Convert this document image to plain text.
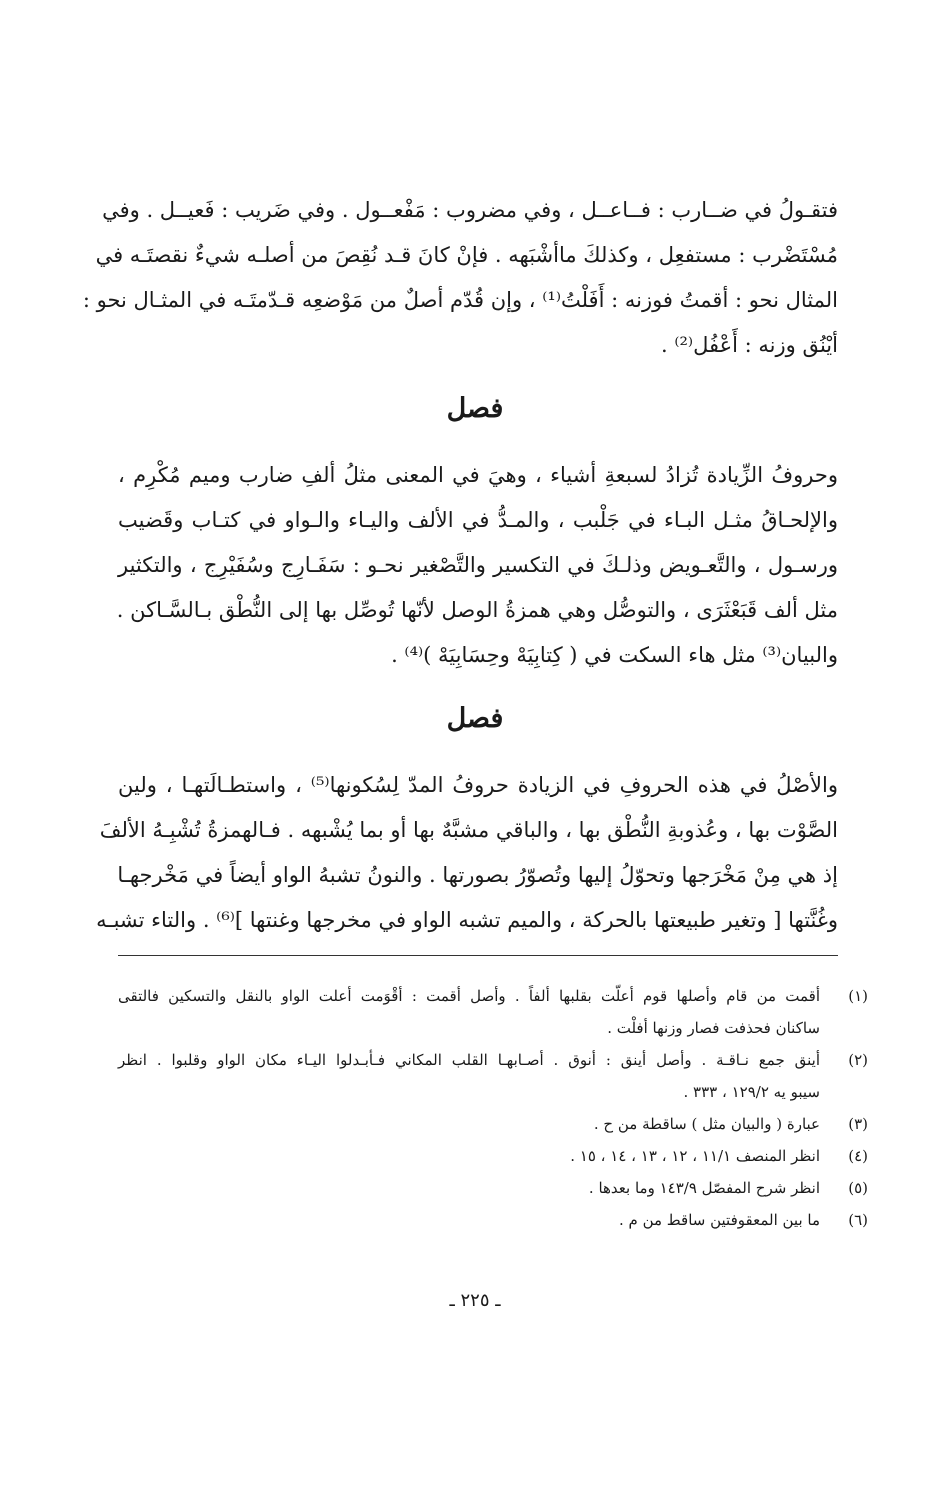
فتقـولُ في ضــارب : فــاعــل ، وفي مضروب : مَفْعــول . وفي ضَريب : فَعيــل . وفي
مُسْتَضْرب : مستفعِل ، وكذلكَ ماأشْبَهه . فإنْ كانَ قـد نُقِصَ من أصلـه شيءٌ نقصتَـه في
المثال نحو : أقمتُ فوزنه : أَفَلْتُ⁽¹⁾ ، وإن قُدّم أصلٌ من مَوْضعِه قـدّمتَـه في المثـال نحو :
أيْنُق وزنه : أَعْفُل⁽²⁾ .
فصل
وحروفُ الزِّيادة تُزادُ لسبعةِ أشياء ، وهيَ في المعنى مثلُ ألفِ ضارب وميم مُكْرِم ،
والإلحـاقُ مثـل البـاء في جَلْبب ، والمـدُّ في الألف واليـاء والـواو في كتـاب وقَضيب
ورسـول ، والتَّعـويض وذلـكَ في التكسير والتَّصْغير نحـو : سَفَـارِج وسُفَيْرِج ، والتكثير
مثل ألف قَبَعْثَرَى ، والتوصُّل وهي همزةُ الوصل لأنّها تُوصِّل بها إلى النُّطْق بـالسَّـاكن .
والبيان⁽³⁾ مثل هاء السكت في ( كِتابِيَهْ وحِسَابِيَهْ )⁽⁴⁾ .
فصل
والأصْلُ في هذه الحروفِ في الزيادة حروفُ المدّ لِسُكونها⁽⁵⁾ ، واستطـالَتهـا ، ولين
الصَّوْت بها ، وعُذوبةِ النُّطْق بها ، والباقي مشبَّهٌ بها أو بما يُشْبهه . فـالهمزةُ تُشْبِـهُ الألفَ
إذ هي مِنْ مَخْرَجها وتحوّلُ إليها وتُصوّرُ بصورتها . والنونُ تشبهُ الواو أيضاً في مَخْرجهـا
وغُنَّتها [ وتغير طبيعتها بالحركة ، والميم تشبه الواو في مخرجها وغنتها ]⁽⁶⁾ . والتاء تشبـه
(١)
أقمت من قام وأصلها قوم أعلّت بقلبها ألفاً . وأصل أقمت : أقْوَمت أعلت الواو بالنقل والتسكين فالتقى
ساكنان فحذفت فصار وزنها أفلْت .
(٢)
أينق جمع نـاقـة . وأصل أينق : أنوق . أصـابهـا القلب المكاني فـأبـدلوا اليـاء مكان الواو وقلبوا . انظر
سيبو يه ١٢٩/٢ ، ٣٣٣ .
(٣)
عبارة ( والبيان مثل ) ساقطة من ح .
(٤)
انظر المنصف ١١/١ ، ١٢ ، ١٣ ، ١٤ ، ١٥ .
(٥)
انظر شرح المفصّل ١٤٣/٩ وما بعدها .
(٦)
ما بين المعقوفتين ساقط من م .
ـ ٢٢٥ ـ
